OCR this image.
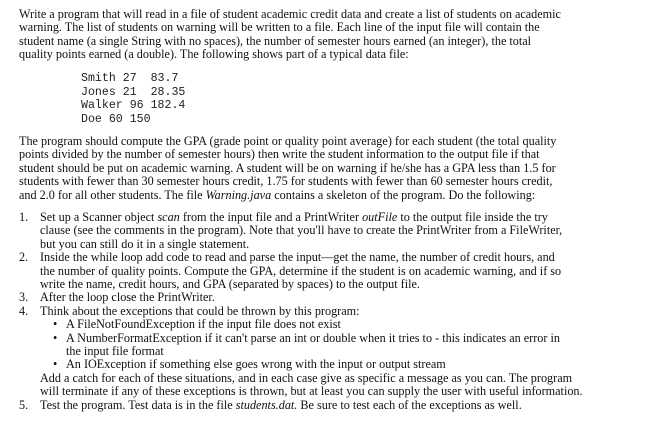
Write a program that will read in a file of student academic credit data and create a list of students on academic
warning. The list of students on warning will be written to a file. Each line of the input file will contain the
student name (a single String with no spaces), the number of semester hours earned (an integer), the total
quality points earned (a double). The following shows part of a typical data file:
Smith 27  83.7
Jones 21  28.35
Walker 96 182.4
Doe 60 150
The program should compute the GPA (grade point or quality point average) for each student (the total quality
points divided by the number of semester hours) then write the student information to the output file if that
student should be put on academic warning. A student will be on warning if he/she has a GPA less than 1.5 for
students with fewer than 30 semester hours credit, 1.75 for students with fewer than 60 semester hours credit,
and 2.0 for all other students. The file Warning.java contains a skeleton of the program. Do the following:
1. Set up a Scanner object scan from the input file and a PrintWriter outFile to the output file inside the try
clause (see the comments in the program). Note that you'll have to create the PrintWriter from a FileWriter,
but you can still do it in a single statement.
2. Inside the while loop add code to read and parse the input—get the name, the number of credit hours, and
the number of quality points. Compute the GPA, determine if the student is on academic warning, and if so
write the name, credit hours, and GPA (separated by spaces) to the output file.
3. After the loop close the PrintWriter.
4. Think about the exceptions that could be thrown by this program:
• A FileNotFoundException if the input file does not exist
• A NumberFormatException if it can't parse an int or double when it tries to - this indicates an error in
the input file format
• An IOException if something else goes wrong with the input or output stream
Add a catch for each of these situations, and in each case give as specific a message as you can. The program
will terminate if any of these exceptions is thrown, but at least you can supply the user with useful information.
5. Test the program. Test data is in the file students.dat. Be sure to test each of the exceptions as well.
